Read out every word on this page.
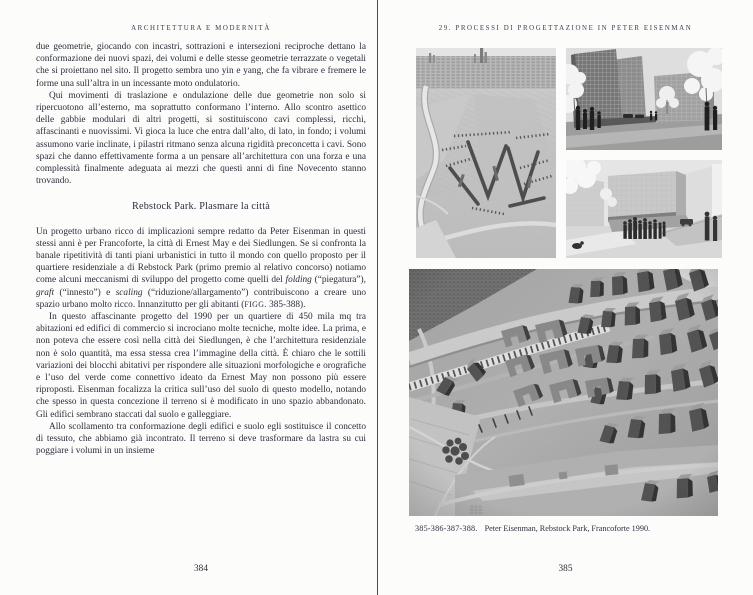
ARCHITETTURA E MODERNITÀ

due geometrie, giocando con incastri, sottrazioni e intersezioni reciproche dettano la conformazione dei nuovi spazi, dei volumi e delle stesse geometrie terrazzate o vegetali che si proiettano nel sito. Il progetto sembra uno yin e yang, che fa vibrare e fremere le forme una sull’altra in un incessante moto ondulatorio.

Qui movimenti di traslazione e ondulazione delle due geometrie non solo si ripercuotono all’esterno, ma soprattutto conformano l’interno. Allo scontro asettico delle gabbie modulari di altri progetti, si sostituiscono cavi complessi, ricchi, affascinanti e nuovissimi. Vi gioca la luce che entra dall’alto, di lato, in fondo; i volumi assumono varie inclinate, i pilastri ritmano senza alcuna rigidità preconcetta i cavi. Sono spazi che danno effettivamente forma a un pensare all’architettura con una forza e una complessità finalmente adeguata ai mezzi che questi anni di fine Novecento stanno trovando.

Rebstock Park. Plasmare la città

Un progetto urbano ricco di implicazioni sempre redatto da Peter Eisenman in questi stessi anni è per Francoforte, la città di Ernest May e dei Siedlungen. Se si confronta la banale ripetitività di tanti piani urbanistici in tutto il mondo con quello proposto per il quartiere residenziale a di Rebstock Park (primo premio al relativo concorso) notiamo come alcuni meccanismi di sviluppo del progetto come quelli del folding (“piegatura”), graft (“innesto”) e scaling (“riduzione/allargamento”) contribuiscono a creare uno spazio urbano molto ricco. Innanzitutto per gli abitanti (FIGG. 385-388).

In questo affascinante progetto del 1990 per un quartiere di 450 mila mq tra abitazioni ed edifici di commercio si incrociano molte tecniche, molte idee. La prima, e non poteva che essere così nella città dei Siedlungen, è che l’architettura residenziale non è solo quantità, ma essa stessa crea l’immagine della città. È chiaro che le sottili variazioni dei blocchi abitativi per rispondere alle situazioni morfologiche e orografiche e l’uso del verde come connettivo ideato da Ernest May non possono più essere riproposti. Eisenman focalizza la critica sull’uso del suolo di questo modello, notando che spesso in questa concezione il terreno si è modificato in uno spazio abbandonato. Gli edifici sembrano staccati dal suolo e galleggiare.

Allo scollamento tra conformazione degli edifici e suolo egli sostituisce il concetto di tessuto, che abbiamo già incontrato. Il terreno si deve trasformare da lastra su cui poggiare i volumi in un insieme

384
29. PROCESSI DI PROGETTAZIONE IN PETER EISENMAN
385-386-387-388. Peter Eisenman, Rebstock Park, Francoforte 1990.
385
